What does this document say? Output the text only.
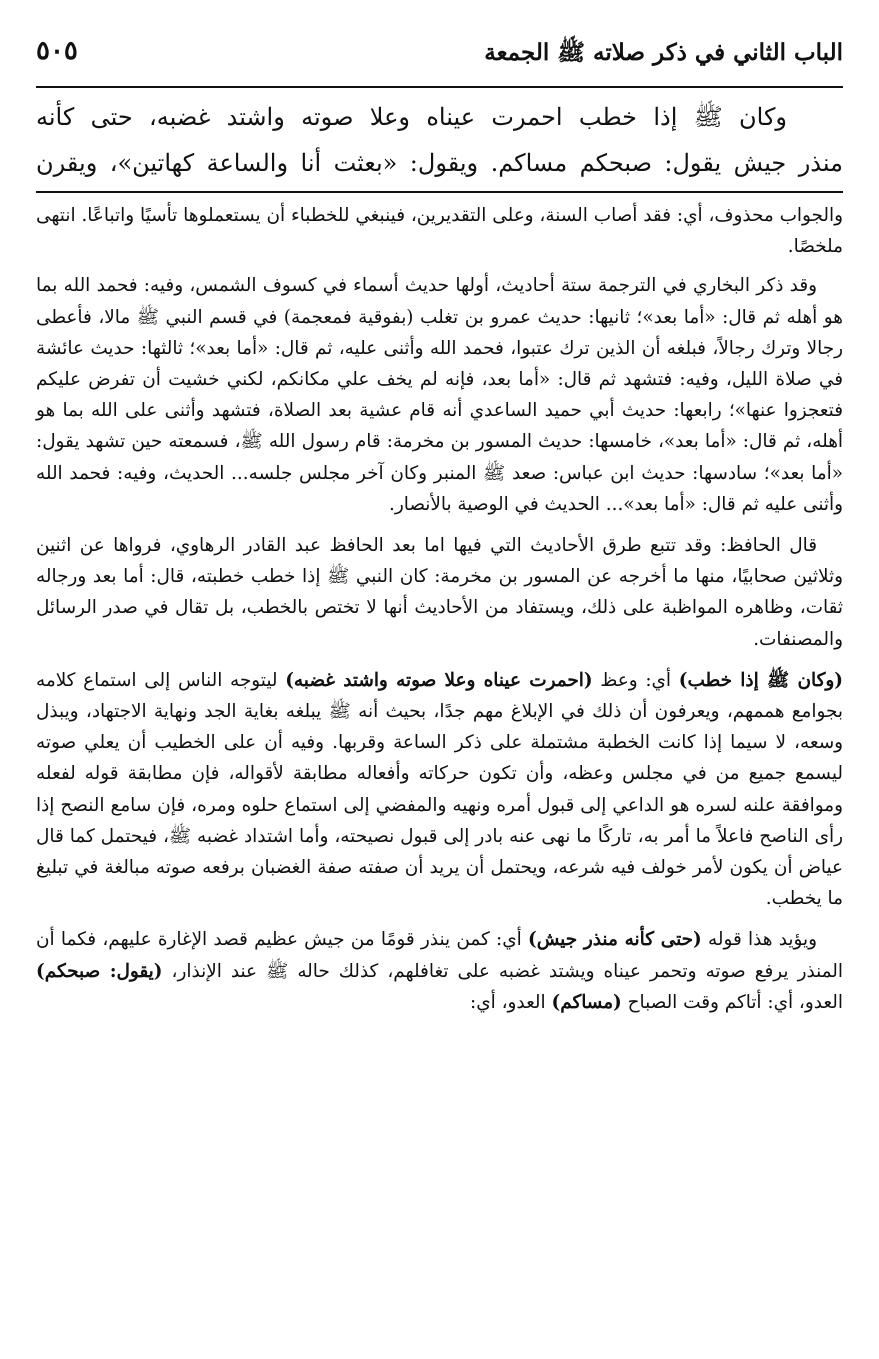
الباب الثاني في ذكر صلاته ﷺ الجمعة
٥٠٥
وكان ﷺ إذا خطب احمرت عيناه وعلا صوته واشتد غضبه، حتى كأنه
منذر جيش يقول: صبحكم مساكم. ويقول: «بعثت أنا والساعة كهاتين»، ويقرن

والجواب محذوف، أي: فقد أصاب السنة، وعلى التقديرين، فينبغي للخطباء أن يستعملوها تأسيًا واتباعًا. انتهى ملخصًا.

وقد ذكر البخاري في الترجمة ستة أحاديث، أولها حديث أسماء في كسوف الشمس، وفيه: فحمد الله بما هو أهله ثم قال: «أما بعد»؛ ثانيها: حديث عمرو بن تغلب (بفوقية فمعجمة) في قسم النبي ﷺ مالا، فأعطى رجالا وترك رجالاً، فبلغه أن الذين ترك عتبوا، فحمد الله وأثنى عليه، ثم قال: «أما بعد»؛ ثالثها: حديث عائشة في صلاة الليل، وفيه: فتشهد ثم قال: «أما بعد، فإنه لم يخف علي مكانكم، لكني خشيت أن تفرض عليكم فتعجزوا عنها»؛ رابعها: حديث أبي حميد الساعدي أنه قام عشية بعد الصلاة، فتشهد وأثنى على الله بما هو أهله، ثم قال: «أما بعد»، خامسها: حديث المسور بن مخرمة: قام رسول الله ﷺ، فسمعته حين تشهد يقول: «أما بعد»؛ سادسها: حديث ابن عباس: صعد ﷺ المنبر وكان آخر مجلس جلسه... الحديث، وفيه: فحمد الله وأثنى عليه ثم قال: «أما بعد»... الحديث في الوصية بالأنصار.

قال الحافظ: وقد تتبع طرق الأحاديث التي فيها اما بعد الحافظ عبد القادر الرهاوي، فرواها عن اثنين وثلاثين صحابيًا، منها ما أخرجه عن المسور بن مخرمة: كان النبي ﷺ إذا خطب خطبته، قال: أما بعد ورجاله ثقات، وظاهره المواظبة على ذلك، ويستفاد من الأحاديث أنها لا تختص بالخطب، بل تقال في صدر الرسائل والمصنفات.

(وكان ﷺ إذا خطب) أي: وعظ (احمرت عيناه وعلا صوته واشتد غضبه) ليتوجه الناس إلى استماع كلامه بجوامع هممهم، ويعرفون أن ذلك في الإبلاغ مهم جدًا، بحيث أنه ﷺ يبلغه بغاية الجد ونهاية الاجتهاد، ويبذل وسعه، لا سيما إذا كانت الخطبة مشتملة على ذكر الساعة وقربها. وفيه أن على الخطيب أن يعلي صوته ليسمع جميع من في مجلس وعظه، وأن تكون حركاته وأفعاله مطابقة لأقواله، فإن مطابقة قوله لفعله وموافقة علنه لسره هو الداعي إلى قبول أمره ونهيه والمفضي إلى استماع حلوه ومره، فإن سامع النصح إذا رأى الناصح فاعلاً ما أمر به، تاركًا ما نهى عنه بادر إلى قبول نصيحته، وأما اشتداد غضبه ﷺ، فيحتمل كما قال عياض أن يكون لأمر خولف فيه شرعه، ويحتمل أن يريد أن صفته صفة الغضبان برفعه صوته مبالغة في تبليغ ما يخطب.

ويؤيد هذا قوله (حتى كأنه منذر جيش) أي: كمن ينذر قومًا من جيش عظيم قصد الإغارة عليهم، فكما أن المنذر يرفع صوته وتحمر عيناه ويشتد غضبه على تغافلهم، كذلك حاله ﷺ عند الإنذار، (يقول: صبحكم) العدو، أي: أتاكم وقت الصباح (مساكم) العدو، أي:
